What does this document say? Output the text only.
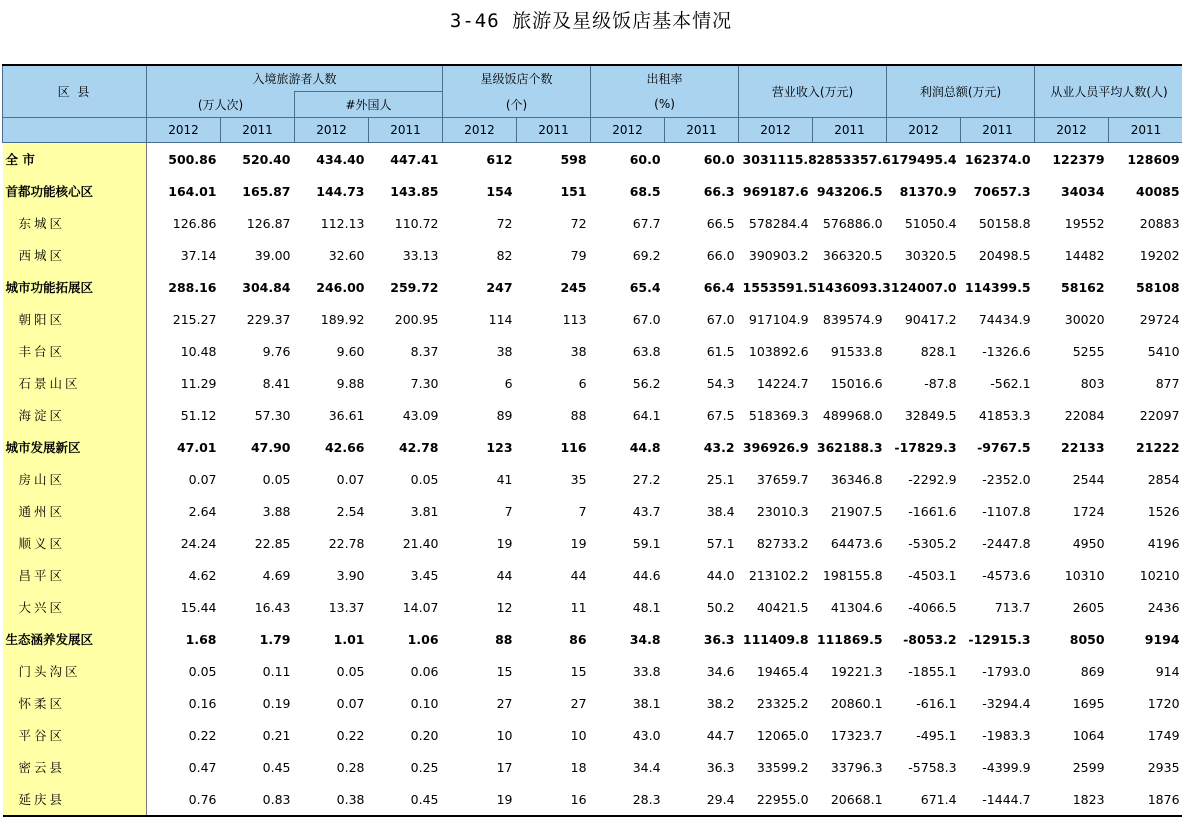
3-46 旅游及星级饭店基本情况
区 县	入境旅游者人数				星级饭店个数		出租率		营业收入(万元)		利润总额(万元)		从业人员平均人数(人)	
	(万人次)		#外国人		(个)		(%)							
	2012	2011	2012	2011	2012	2011	2012	2011	2012	2011	2012	2011	2012	2011
全 市	500.86	520.40	434.40	447.41	612	598	60.0	60.0	3031115.8	2853357.6	179495.4	162374.0	122379	128609
首都功能核心区	164.01	165.87	144.73	143.85	154	151	68.5	66.3	969187.6	943206.5	81370.9	70657.3	34034	40085
东城区	126.86	126.87	112.13	110.72	72	72	67.7	66.5	578284.4	576886.0	51050.4	50158.8	19552	20883
西城区	37.14	39.00	32.60	33.13	82	79	69.2	66.0	390903.2	366320.5	30320.5	20498.5	14482	19202
城市功能拓展区	288.16	304.84	246.00	259.72	247	245	65.4	66.4	1553591.5	1436093.3	124007.0	114399.5	58162	58108
朝阳区	215.27	229.37	189.92	200.95	114	113	67.0	67.0	917104.9	839574.9	90417.2	74434.9	30020	29724
丰台区	10.48	9.76	9.60	8.37	38	38	63.8	61.5	103892.6	91533.8	828.1	-1326.6	5255	5410
石景山区	11.29	8.41	9.88	7.30	6	6	56.2	54.3	14224.7	15016.6	-87.8	-562.1	803	877
海淀区	51.12	57.30	36.61	43.09	89	88	64.1	67.5	518369.3	489968.0	32849.5	41853.3	22084	22097
城市发展新区	47.01	47.90	42.66	42.78	123	116	44.8	43.2	396926.9	362188.3	-17829.3	-9767.5	22133	21222
房山区	0.07	0.05	0.07	0.05	41	35	27.2	25.1	37659.7	36346.8	-2292.9	-2352.0	2544	2854
通州区	2.64	3.88	2.54	3.81	7	7	43.7	38.4	23010.3	21907.5	-1661.6	-1107.8	1724	1526
顺义区	24.24	22.85	22.78	21.40	19	19	59.1	57.1	82733.2	64473.6	-5305.2	-2447.8	4950	4196
昌平区	4.62	4.69	3.90	3.45	44	44	44.6	44.0	213102.2	198155.8	-4503.1	-4573.6	10310	10210
大兴区	15.44	16.43	13.37	14.07	12	11	48.1	50.2	40421.5	41304.6	-4066.5	713.7	2605	2436
生态涵养发展区	1.68	1.79	1.01	1.06	88	86	34.8	36.3	111409.8	111869.5	-8053.2	-12915.3	8050	9194
门头沟区	0.05	0.11	0.05	0.06	15	15	33.8	34.6	19465.4	19221.3	-1855.1	-1793.0	869	914
怀柔区	0.16	0.19	0.07	0.10	27	27	38.1	38.2	23325.2	20860.1	-616.1	-3294.4	1695	1720
平谷区	0.22	0.21	0.22	0.20	10	10	43.0	44.7	12065.0	17323.7	-495.1	-1983.3	1064	1749
密云县	0.47	0.45	0.28	0.25	17	18	34.4	36.3	33599.2	33796.3	-5758.3	-4399.9	2599	2935
延庆县	0.76	0.83	0.38	0.45	19	16	28.3	29.4	22955.0	20668.1	671.4	-1444.7	1823	1876
